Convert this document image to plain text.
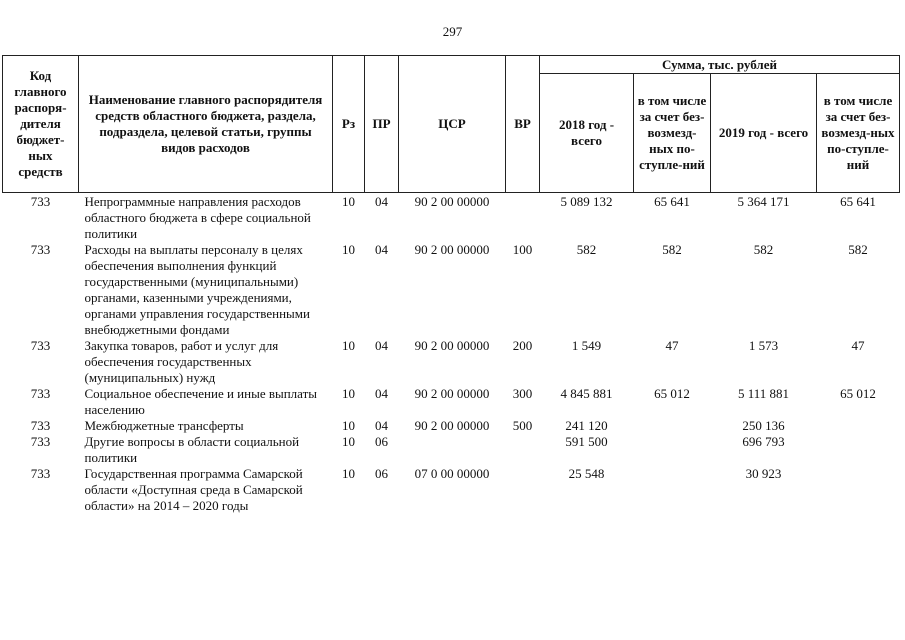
297
Код главного распоря-дителя бюджет-ных средств	Наименование главного распорядителя средств областного бюджета, раздела, подраздела, целевой статьи, группы видов расходов	Рз	ПР	ЦСР	ВР	Сумма, тыс. рублей			
						2018 год - всего	в том числе за счет без-возмезд-ных по-ступле-ний	2019 год - всего	в том числе за счет без-возмезд-ных по-ступле-ний
733	Непрограммные направления расходов областного бюджета в сфере социальной политики	10	04	90 2 00 00000		5 089 132	65 641	5 364 171	65 641
733	Расходы на выплаты персоналу в целях обеспечения выполнения функций государственными (муниципальными) органами, казенными учреждениями, органами управления государственными внебюджетными фондами	10	04	90 2 00 00000	100	582	582	582	582
733	Закупка товаров, работ и услуг для обеспечения государственных (муниципальных) нужд	10	04	90 2 00 00000	200	1 549	47	1 573	47
733	Социальное обеспечение и иные выплаты населению	10	04	90 2 00 00000	300	4 845 881	65 012	5 111 881	65 012
733	Межбюджетные трансферты	10	04	90 2 00 00000	500	241 120		250 136	
733	Другие вопросы в области социальной политики	10	06			591 500		696 793	
733	Государственная программа Самарской области «Доступная среда в Самарской области» на 2014 – 2020 годы	10	06	07 0 00 00000		25 548		30 923	
